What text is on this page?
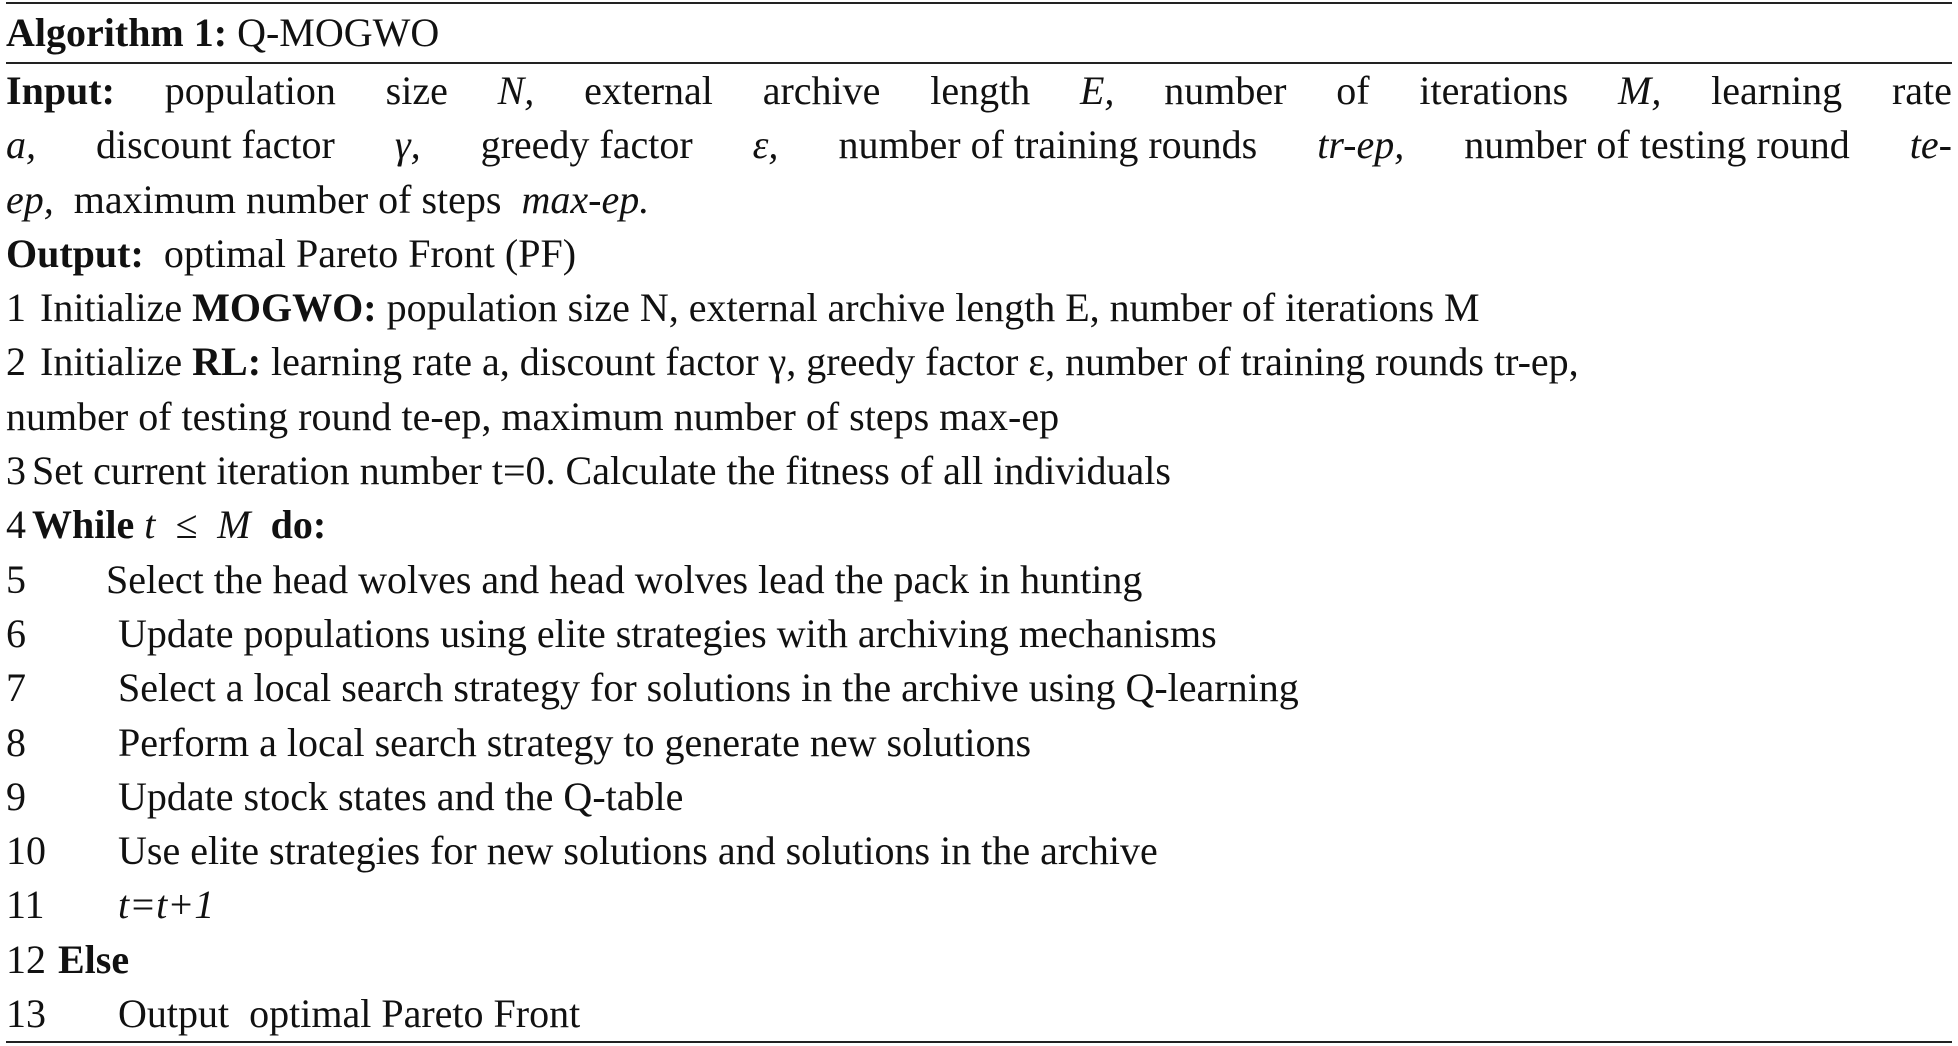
Algorithm 1: Q-MOGWO
Input: population size N, external archive length E, number of iterations M, learning rate
a, discount factor γ, greedy factor ε, number of training rounds tr-ep, number of testing round te-
ep, maximum number of steps max-ep.
Output: optimal Pareto Front (PF)
1 Initialize MOGWO: population size N, external archive length E, number of iterations M
2 Initialize RL: learning rate a, discount factor γ, greedy factor ε, number of training rounds tr-ep,
number of testing round te-ep, maximum number of steps max-ep
3 Set current iteration number t=0. Calculate the fitness of all individuals
4 While t  ≤  M do:
5 Select the head wolves and head wolves lead the pack in hunting
6 Update populations using elite strategies with archiving mechanisms
7 Select a local search strategy for solutions in the archive using Q-learning
8 Perform a local search strategy to generate new solutions
9 Update stock states and the Q-table
10 Use elite strategies for new solutions and solutions in the archive
11 t=t+1
12 Else
13 Output  optimal Pareto Front
